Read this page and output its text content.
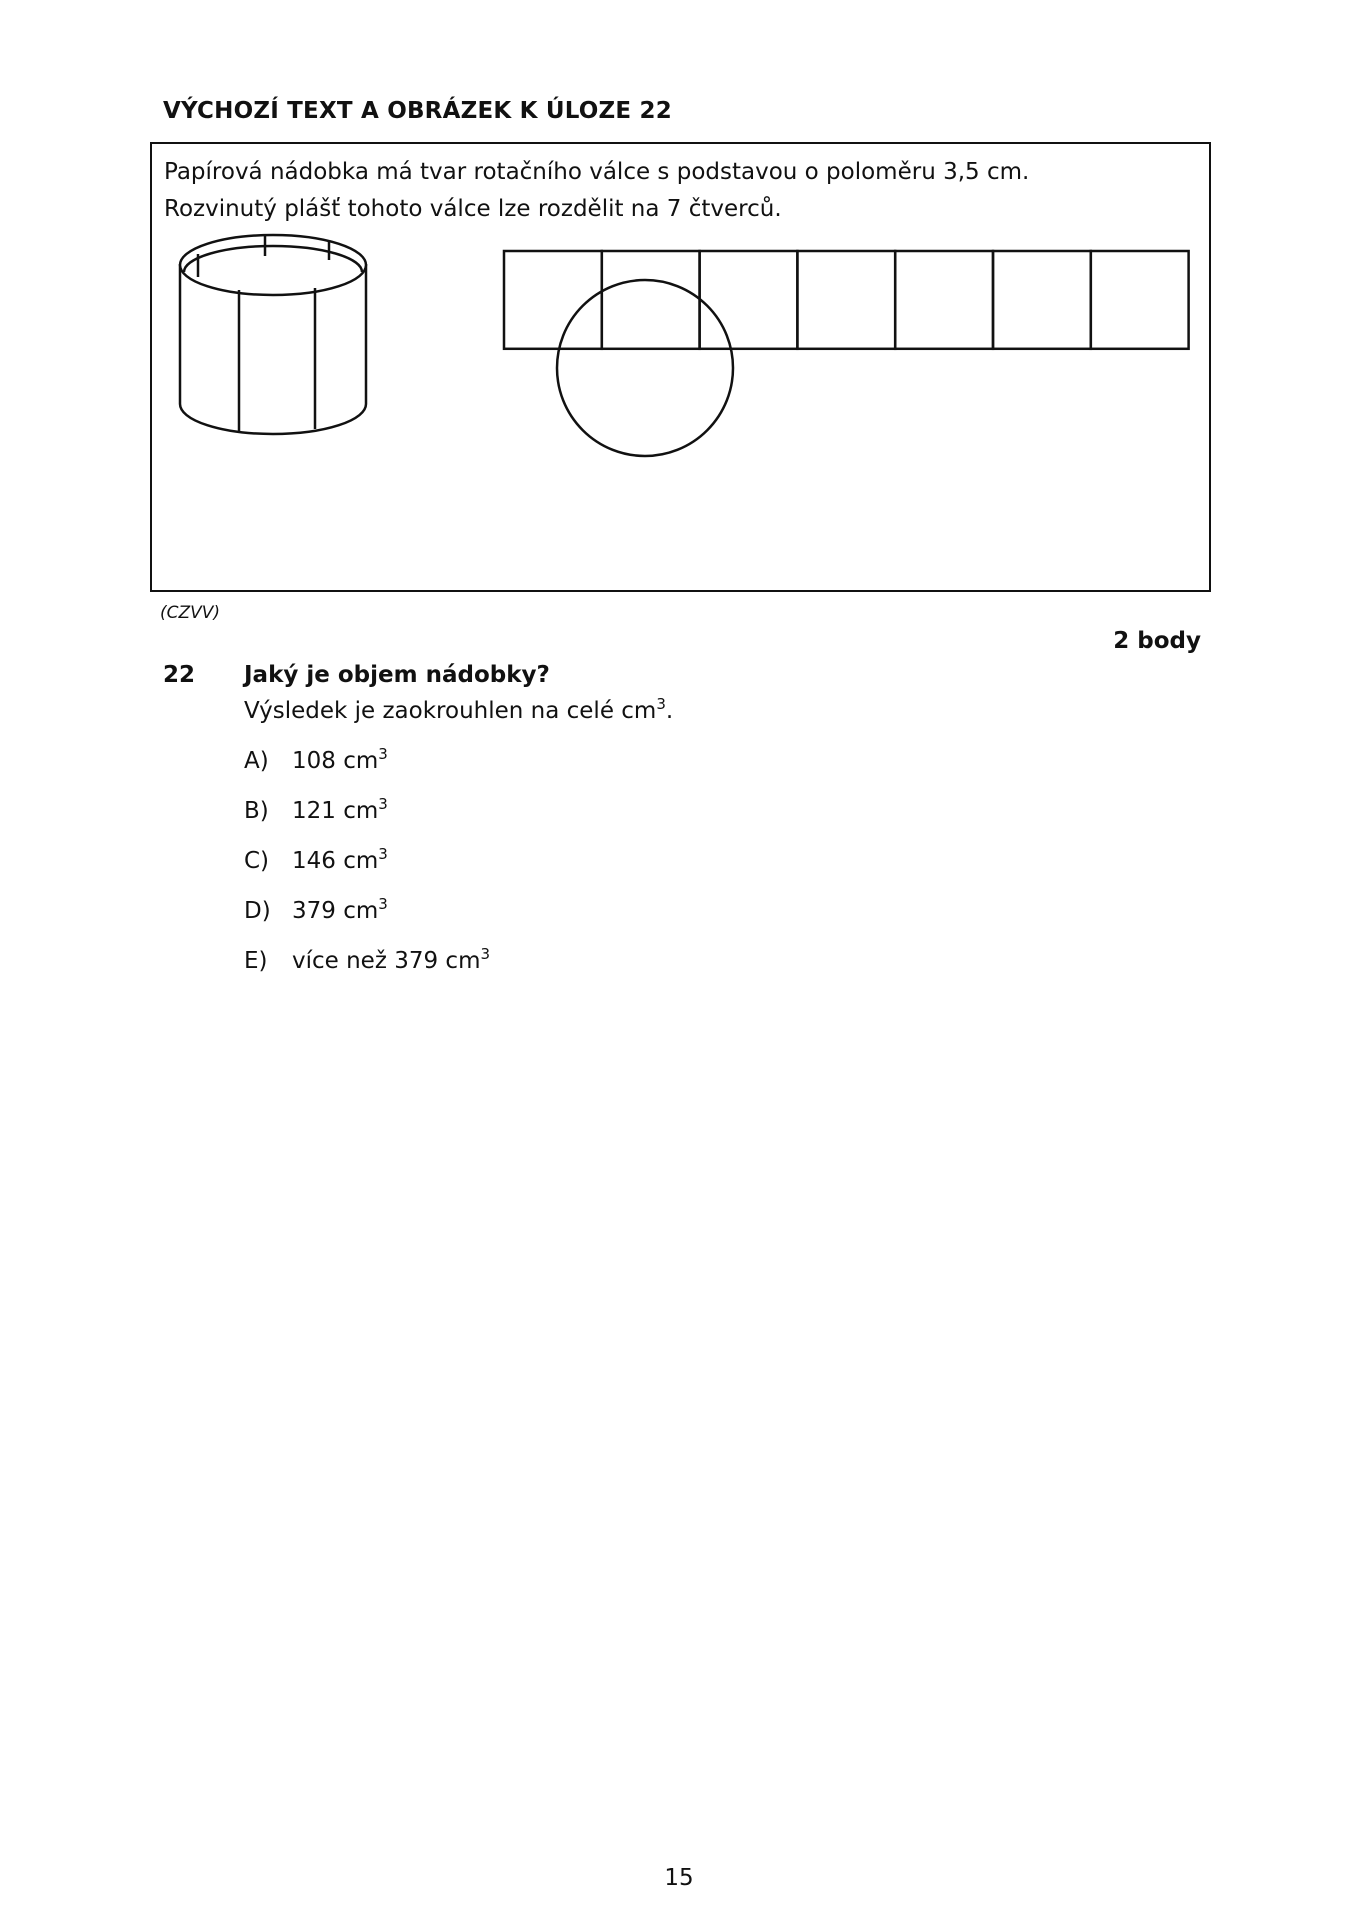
VÝCHOZÍ TEXT A OBRÁZEK K ÚLOZE 22
Papírová nádobka má tvar rotačního válce s podstavou o poloměru 3,5 cm.
Rozvinutý plášť tohoto válce lze rozdělit na 7 čtverců.
(CZVV)
2 body
22 Jaký je objem nádobky?
Výsledek je zaokrouhlen na celé $cm^3$.
A) 108 $cm^3$
B) 121 $cm^3$
C) 146 $cm^3$
D) 379 $cm^3$
E) více než 379 $cm^3$
15
